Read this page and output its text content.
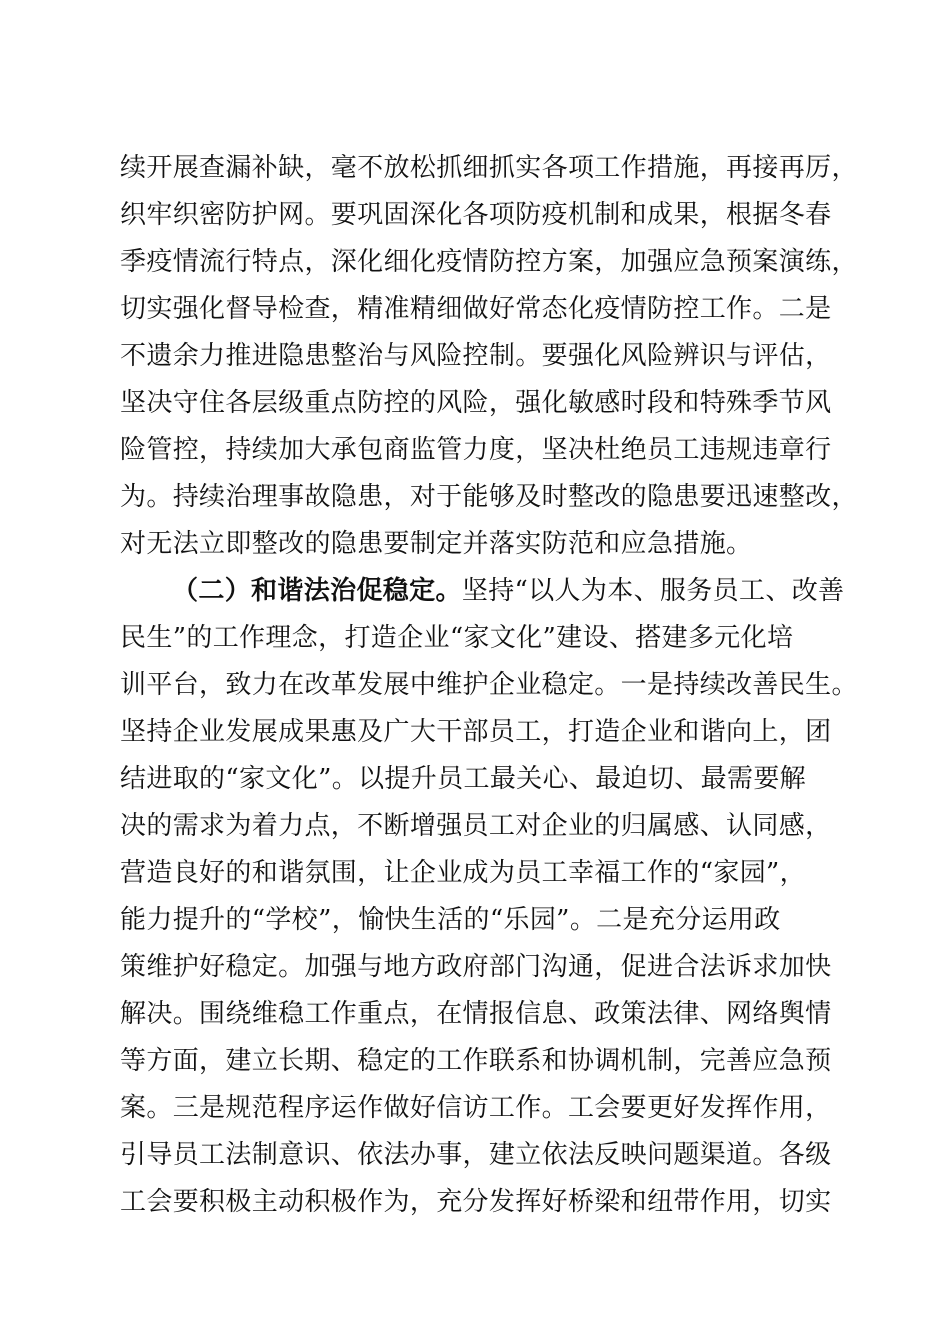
续开展查漏补缺，毫不放松抓细抓实各项工作措施，再接再厉，
织牢织密防护网。要巩固深化各项防疫机制和成果，根据冬春
季疫情流行特点，深化细化疫情防控方案，加强应急预案演练，
切实强化督导检查，精准精细做好常态化疫情防控工作。二是
不遗余力推进隐患整治与风险控制。要强化风险辨识与评估，
坚决守住各层级重点防控的风险，强化敏感时段和特殊季节风
险管控，持续加大承包商监管力度，坚决杜绝员工违规违章行
为。持续治理事故隐患，对于能够及时整改的隐患要迅速整改，
对无法立即整改的隐患要制定并落实防范和应急措施。
（二）和谐法治促稳定。坚持“以人为本、服务员工、改善
民生”的工作理念，打造企业“家文化”建设、搭建多元化培
训平台，致力在改革发展中维护企业稳定。一是持续改善民生。
坚持企业发展成果惠及广大干部员工，打造企业和谐向上，团
结进取的“家文化”。以提升员工最关心、最迫切、最需要解
决的需求为着力点，不断增强员工对企业的归属感、认同感，
营造良好的和谐氛围，让企业成为员工幸福工作的“家园”，
能力提升的“学校”，愉快生活的“乐园”。二是充分运用政
策维护好稳定。加强与地方政府部门沟通，促进合法诉求加快
解决。围绕维稳工作重点，在情报信息、政策法律、网络舆情
等方面，建立长期、稳定的工作联系和协调机制，完善应急预
案。三是规范程序运作做好信访工作。工会要更好发挥作用，
引导员工法制意识、依法办事，建立依法反映问题渠道。各级
工会要积极主动积极作为，充分发挥好桥梁和纽带作用，切实
